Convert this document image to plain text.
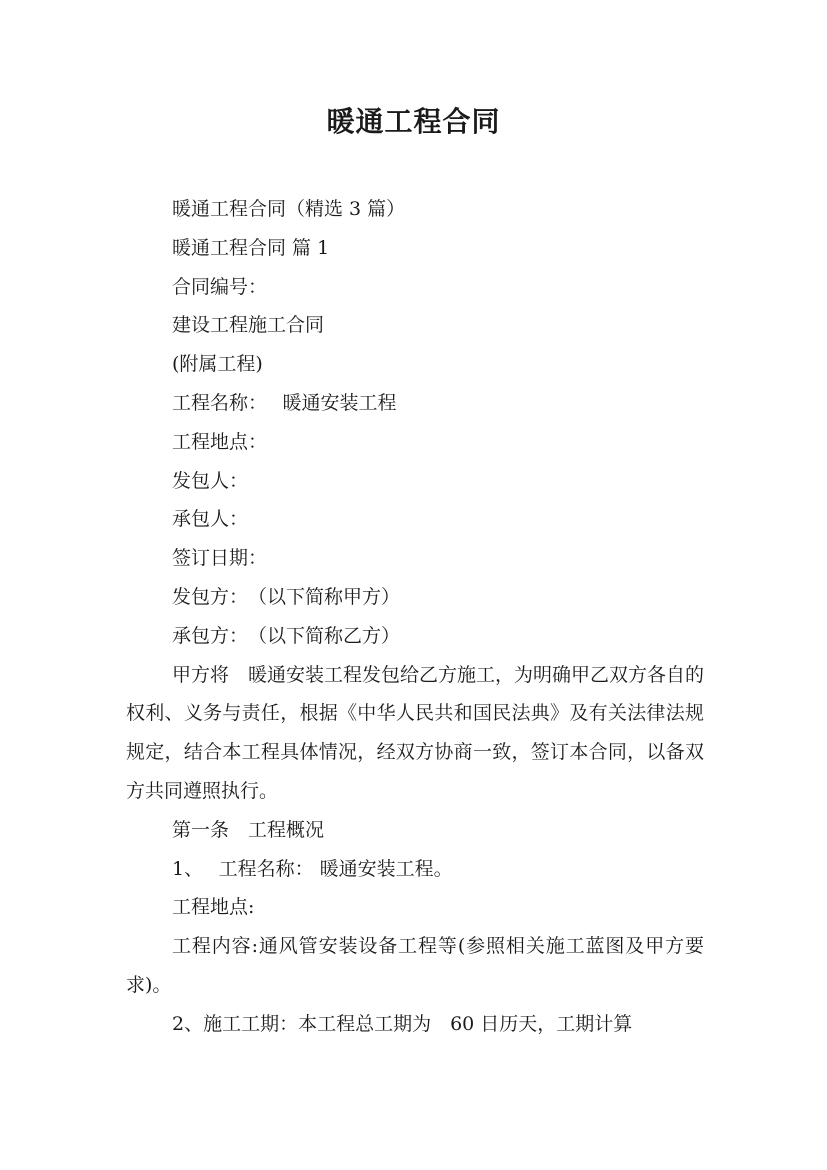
暖通工程合同
暖通工程合同（精选 3 篇）
暖通工程合同 篇 1
合同编号：
建设工程施工合同
(附属工程)
工程名称：　 暖通安装工程
工程地点：
发包人：
承包人：
签订日期：
发包方：　（以下简称甲方）
承包方：　（以下简称乙方）

甲方将　暖通安装工程发包给乙方施工，为明确甲乙双方各自的权利、义务与责任，根据《中华人民共和国民法典》及有关法律法规规定，结合本工程具体情况，经双方协商一致，签订本合同，以备双方共同遵照执行。

第一条　工程概况
1、　 工程名称： 暖通安装工程。
工程地点:

工程内容:通风管安装设备工程等(参照相关施工蓝图及甲方要求)。

2、施工工期：本工程总工期为　60 日历天，工期计算
